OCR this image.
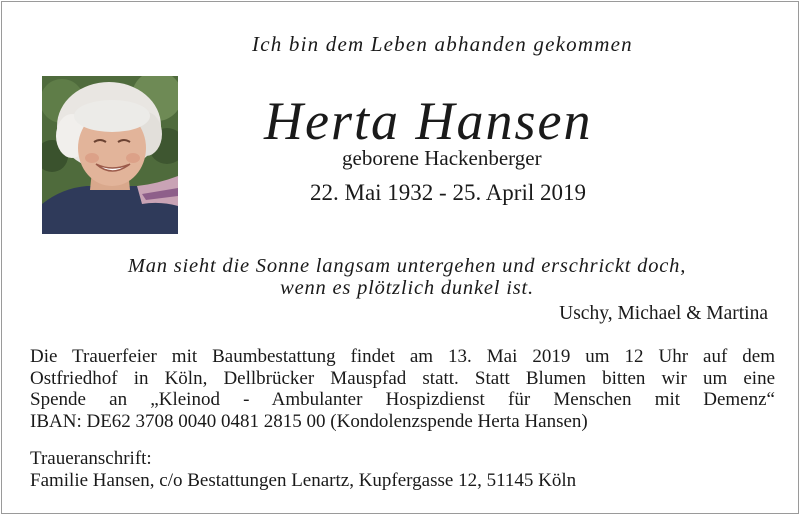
Ich bin dem Leben abhanden gekommen
Herta Hansen
geborene Hackenberger
22. Mai 1932 - 25. April 2019
Man sieht die Sonne langsam untergehen und erschrickt doch,
wenn es plötzlich dunkel ist.
Uschy, Michael & Martina
Die Trauerfeier mit Baumbestattung findet am 13. Mai 2019 um 12 Uhr auf dem
Ostfriedhof in Köln, Dellbrücker Mauspfad statt. Statt Blumen bitten wir um eine
Spende an „Kleinod - Ambulanter Hospizdienst für Menschen mit Demenz“
IBAN: DE62 3708 0040 0481 2815 00 (Kondolenzspende Herta Hansen)
Traueranschrift:
Familie Hansen, c/o Bestattungen Lenartz, Kupfergasse 12, 51145 Köln
